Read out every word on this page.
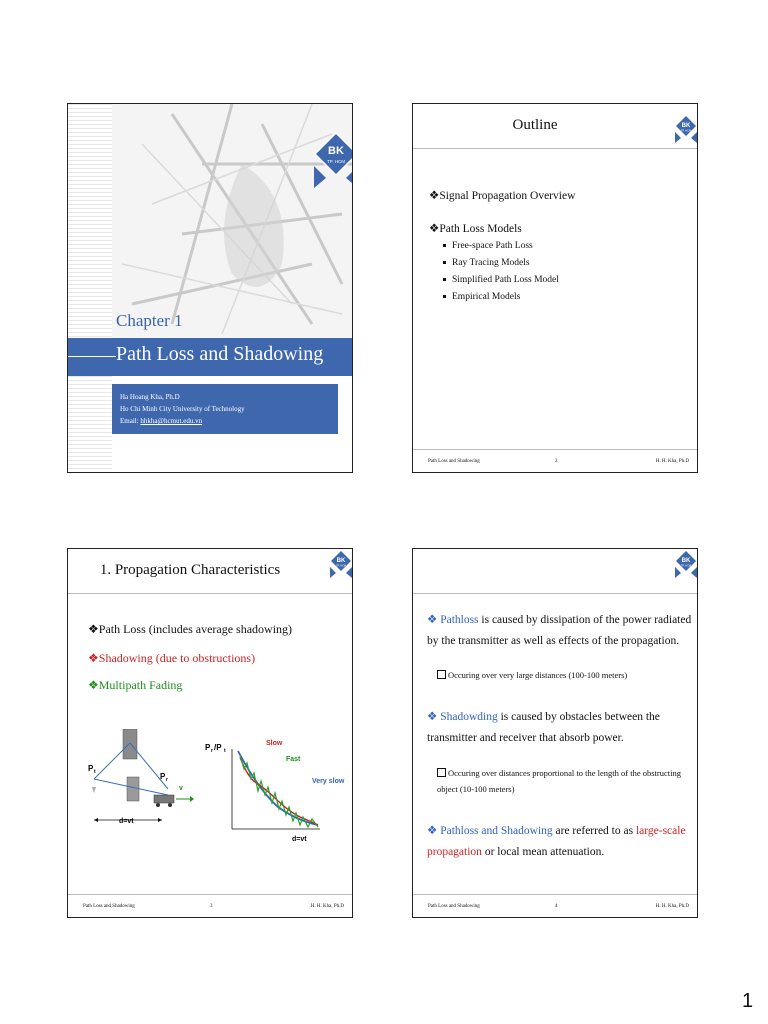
BK
TP. HCM
Chapter 1
Path Loss and Shadowing
Ha Hoang Kha, Ph.D
Ho Chi Minh City University of Technology
Email: hhkha@hcmut.edu.vn
Outline	BK
TP. HCM
❖Signal Propagation Overview
❖Path Loss Models
Free-space Path Loss
Ray Tracing Models
Simplified Path Loss Model
Empirical Models
Path Loss and Shadowing	2	H. H. Kha, Ph.D
1. Propagation Characteristics
BK
TP. HCM
❖Path Loss (includes average shadowing)
❖Shadowing (due to obstructions)
❖Multipath Fading
P t	P r
v
d=vt
P r /P t
Slow
Fast
Very slow
d=vt
Path Loss and Shadowing	3	H. H. Kha, Ph.D
BK
TP. HCM
❖ Pathloss is caused by dissipation of the power radiated by the transmitter as well as effects of the propagation.
Occuring over very large distances (100-100 meters)
❖ Shadowding is caused by obstacles between the transmitter and receiver that absorb power.
Occuring over distances proportional to the length of the obstructing object (10-100 meters)
❖ Pathloss and Shadowing are referred to as large-scale propagation or local mean attenuation.
Path Loss and Shadowing	4	H. H. Kha, Ph.D
1
